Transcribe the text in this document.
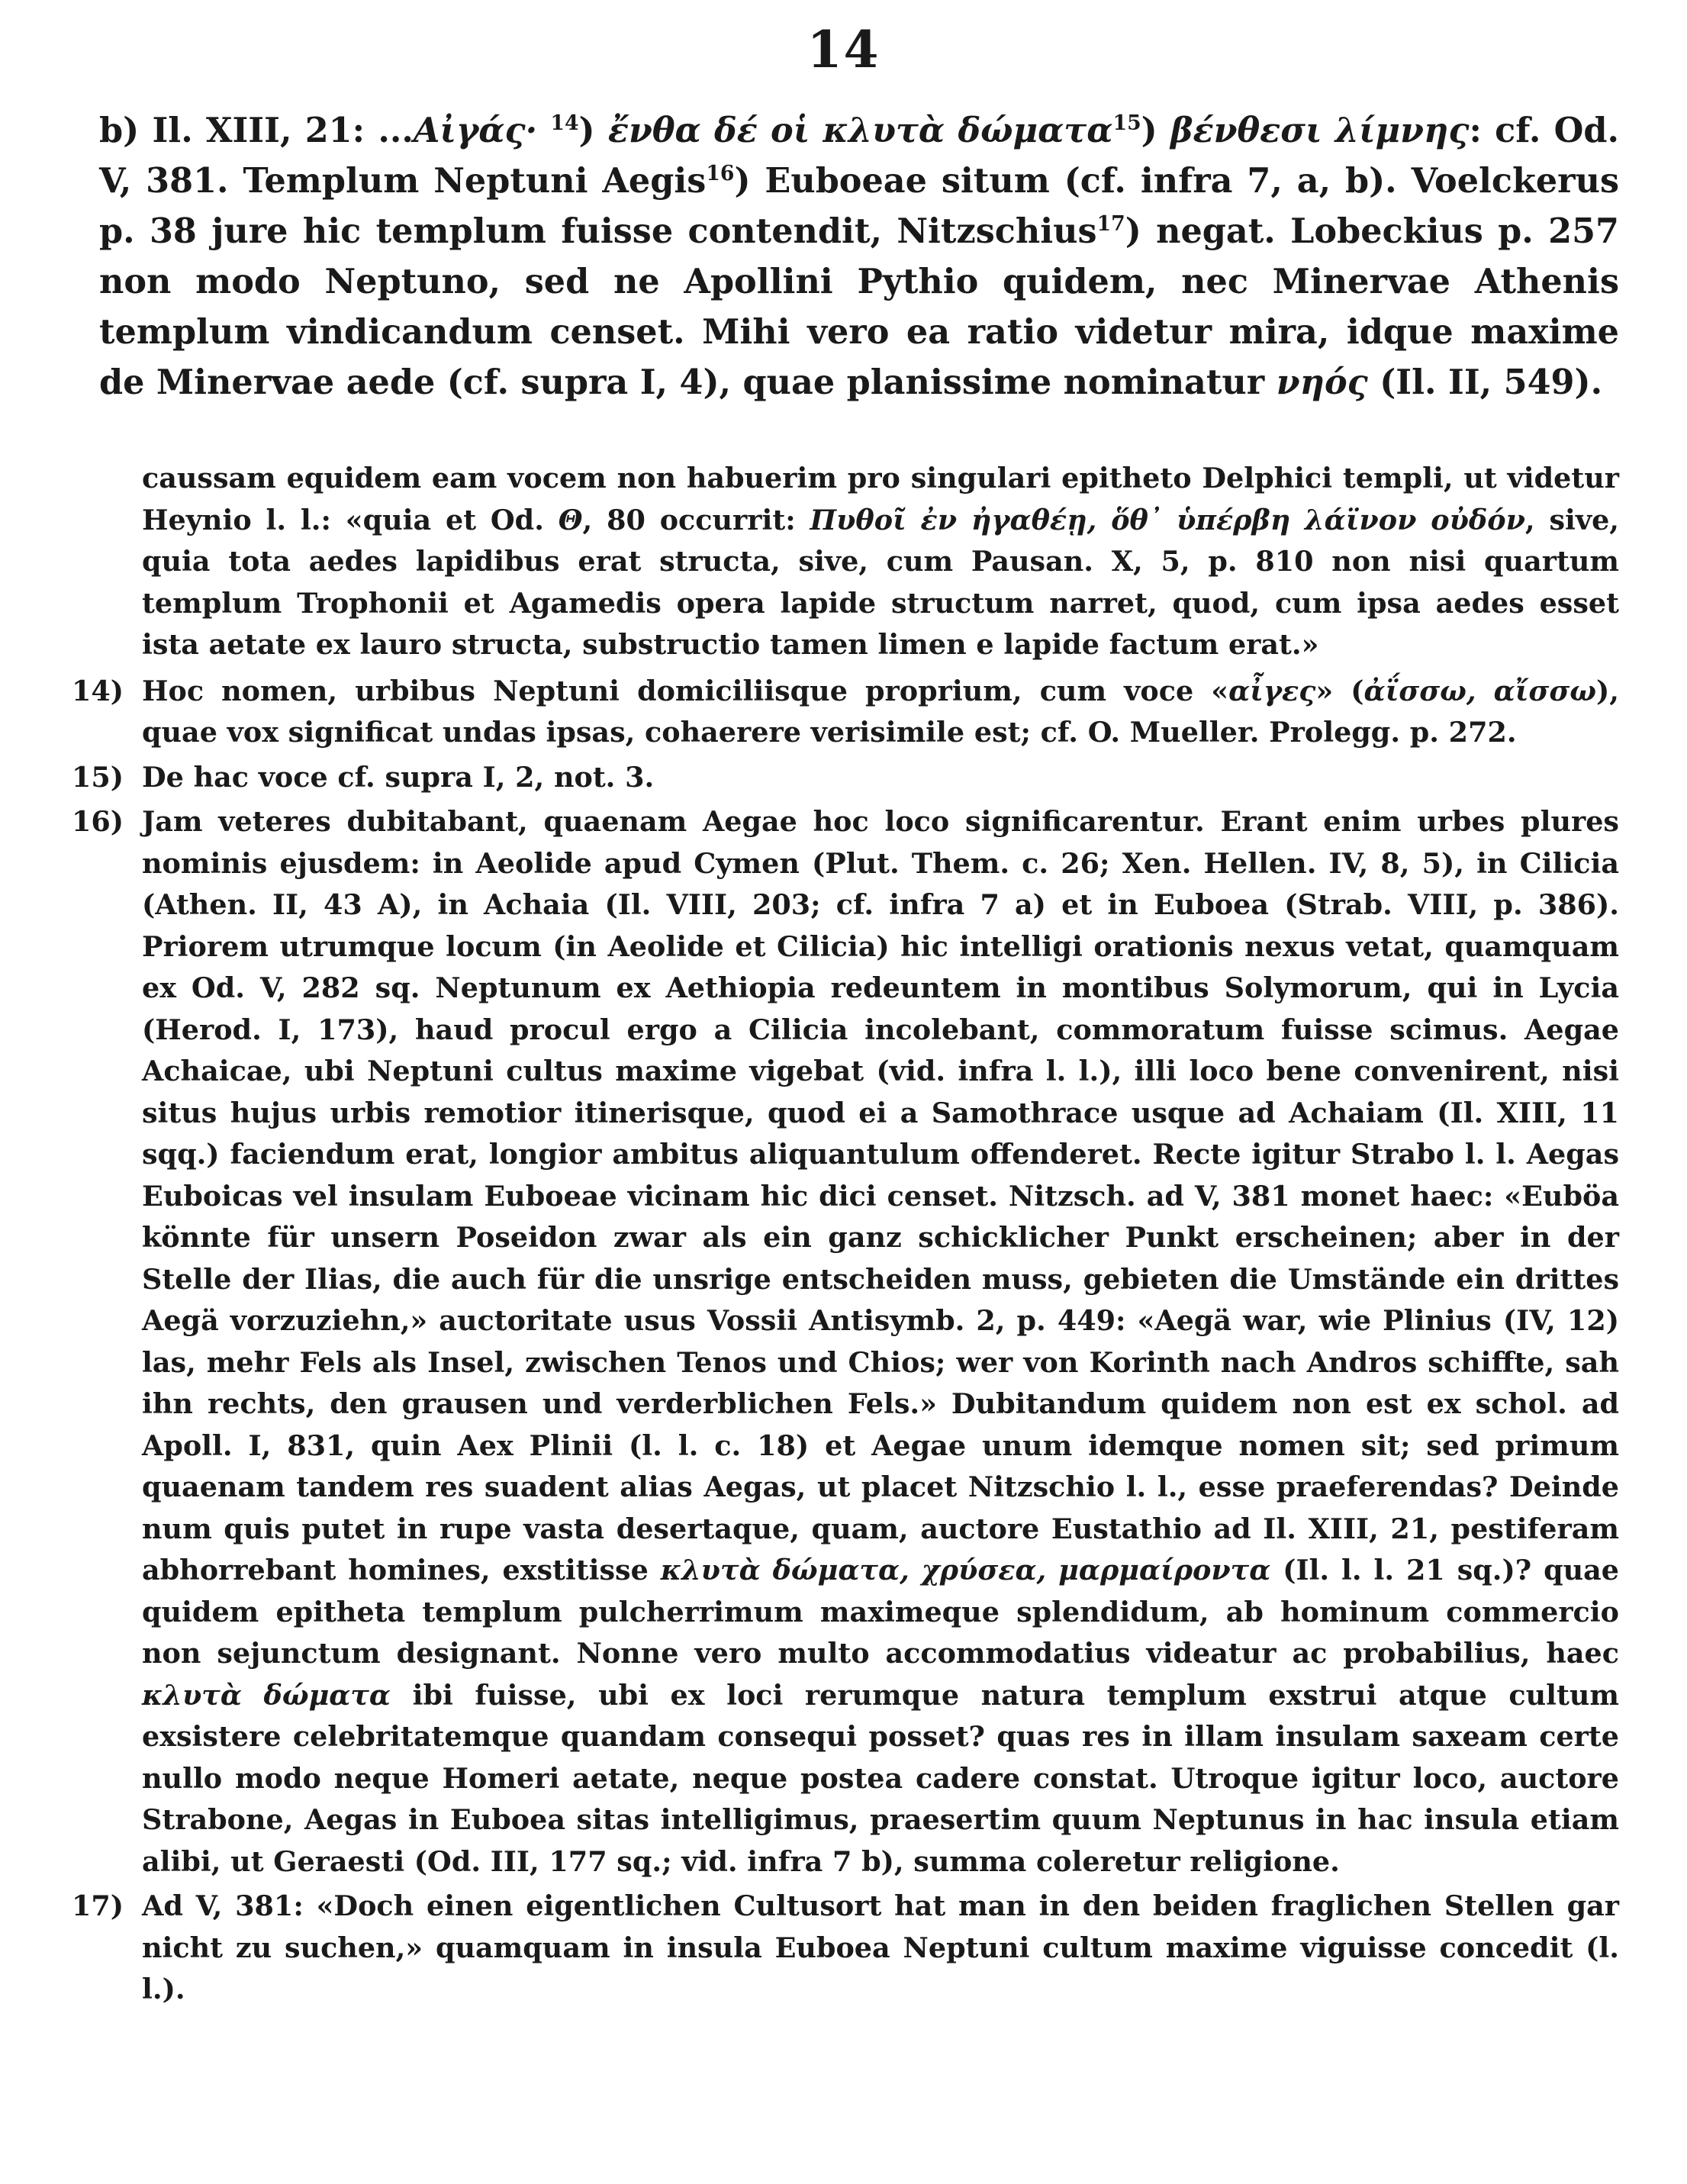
14
b) Il. XIII, 21: ...Αἰγάς· $^{14}$) ἔνθα δέ οἱ κλυτὰ δώματα$^{15}$) βένθεσι λίμνης: cf. Od. V, 381. Templum Neptuni Aegis$^{16}$) Euboeae situm (cf. infra 7, a, b). Voelckerus p. 38 jure hic templum fuisse contendit, Nitzschius$^{17}$) negat. Lobeckius p. 257 non modo Neptuno, sed ne Apollini Pythio quidem, nec Minervae Athenis templum vindicandum censet. Mihi vero ea ratio videtur mira, idque maxime de Minervae aede (cf. supra I, 4), quae planissime nominatur νηός (Il. II, 549).

caussam equidem eam vocem non habuerim pro singulari epitheto Delphici templi, ut videtur Heynio l. l.: «quia et Od. Θ, 80 occurrit: Πυθοῖ ἐν ἠγαθέῃ, ὅθ᾽ ὑπέρβη λάϊνον οὐδόν, sive, quia tota aedes lapidibus erat structa, sive, cum Pausan. X, 5, p. 810 non nisi quartum templum Trophonii et Agamedis opera lapide structum narret, quod, cum ipsa aedes esset ista aetate ex lauro structa, substructio tamen limen e lapide factum erat.»

14) Hoc nomen, urbibus Neptuni domiciliisque proprium, cum voce «αἶγες» (ἀΐσσω, αἴσσω), quae vox significat undas ipsas, cohaerere verisimile est; cf. O. Mueller. Prolegg. p. 272.

15) De hac voce cf. supra I, 2, not. 3.

16) Jam veteres dubitabant, quaenam Aegae hoc loco significarentur. Erant enim urbes plures nominis ejusdem: in Aeolide apud Cymen (Plut. Them. c. 26; Xen. Hellen. IV, 8, 5), in Cilicia (Athen. II, 43 A), in Achaia (Il. VIII, 203; cf. infra 7 a) et in Euboea (Strab. VIII, p. 386). Priorem utrumque locum (in Aeolide et Cilicia) hic intelligi orationis nexus vetat, quamquam ex Od. V, 282 sq. Neptunum ex Aethiopia redeuntem in montibus Solymorum, qui in Lycia (Herod. I, 173), haud procul ergo a Cilicia incolebant, commoratum fuisse scimus. Aegae Achaicae, ubi Neptuni cultus maxime vigebat (vid. infra l. l.), illi loco bene convenirent, nisi situs hujus urbis remotior itinerisque, quod ei a Samothrace usque ad Achaiam (Il. XIII, 11 sqq.) faciendum erat, longior ambitus aliquantulum offenderet. Recte igitur Strabo l. l. Aegas Euboicas vel insulam Euboeae vicinam hic dici censet. Nitzsch. ad V, 381 monet haec: «Euböa könnte für unsern Poseidon zwar als ein ganz schicklicher Punkt erscheinen; aber in der Stelle der Ilias, die auch für die unsrige entscheiden muss, gebieten die Umstände ein drittes Aegä vorzuziehn,» auctoritate usus Vossii Antisymb. 2, p. 449: «Aegä war, wie Plinius (IV, 12) las, mehr Fels als Insel, zwischen Tenos und Chios; wer von Korinth nach Andros schiffte, sah ihn rechts, den grausen und verderblichen Fels.» Dubitandum quidem non est ex schol. ad Apoll. I, 831, quin Aex Plinii (l. l. c. 18) et Aegae unum idemque nomen sit; sed primum quaenam tandem res suadent alias Aegas, ut placet Nitzschio l. l., esse praeferendas? Deinde num quis putet in rupe vasta desertaque, quam, auctore Eustathio ad Il. XIII, 21, pestiferam abhorrebant homines, exstitisse κλυτὰ δώματα, χρύσεα, μαρμαίροντα (Il. l. l. 21 sq.)? quae quidem epitheta templum pulcherrimum maximeque splendidum, ab hominum commercio non sejunctum designant. Nonne vero multo accommodatius videatur ac probabilius, haec κλυτὰ δώματα ibi fuisse, ubi ex loci rerumque natura templum exstrui atque cultum exsistere celebritatemque quandam consequi posset? quas res in illam insulam saxeam certe nullo modo neque Homeri aetate, neque postea cadere constat. Utroque igitur loco, auctore Strabone, Aegas in Euboea sitas intelligimus, praesertim quum Neptunus in hac insula etiam alibi, ut Geraesti (Od. III, 177 sq.; vid. infra 7 b), summa coleretur religione.

17) Ad V, 381: «Doch einen eigentlichen Cultusort hat man in den beiden fraglichen Stellen gar nicht zu suchen,» quamquam in insula Euboea Neptuni cultum maxime viguisse concedit (l. l.).
